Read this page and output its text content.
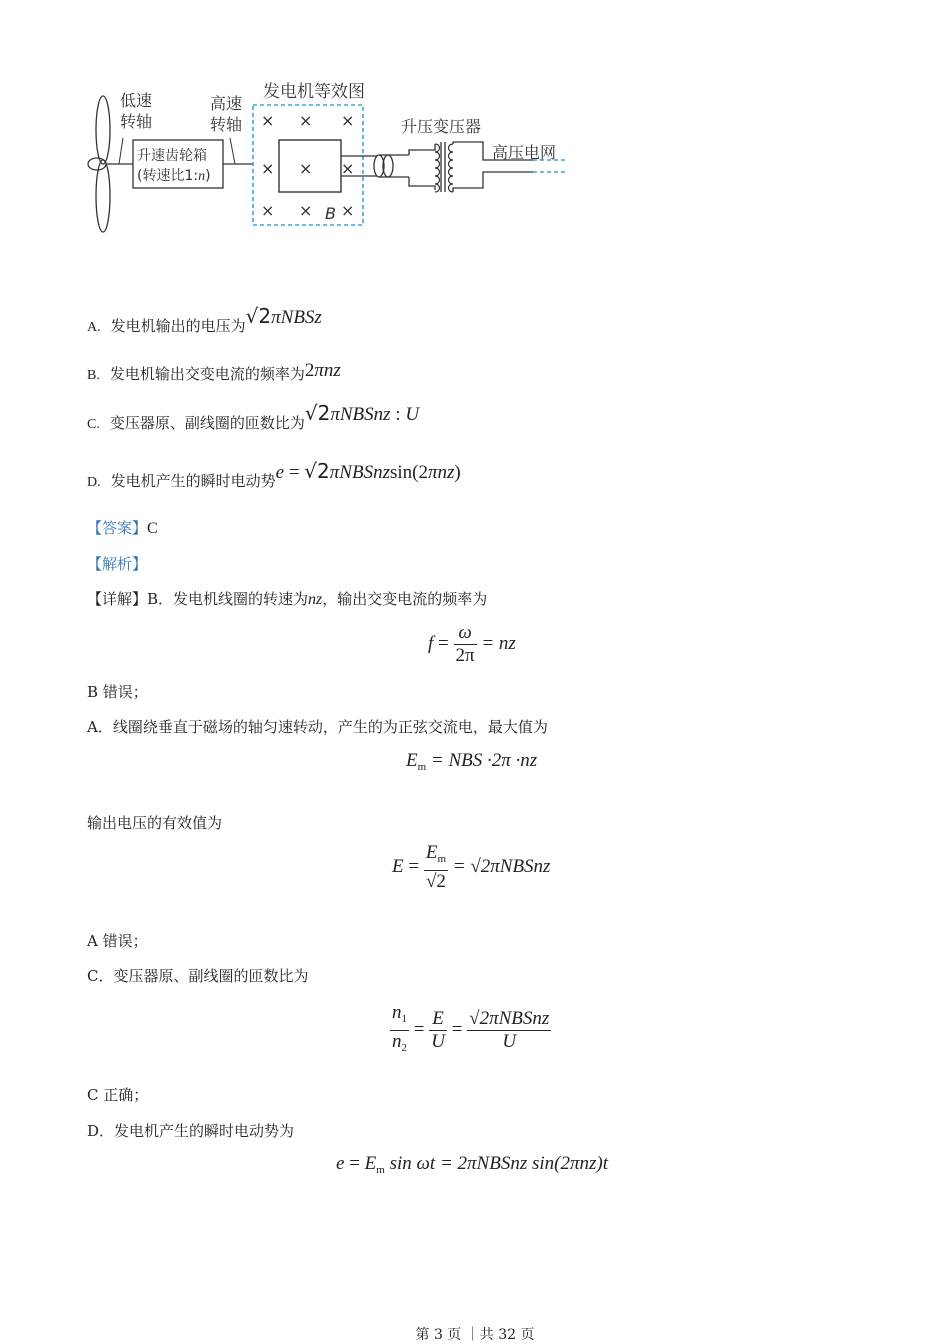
低速
转轴
升速齿轮箱
(转速比1:n)
高速
转轴
发电机等效图
× × ×
× × ×
× × ×
B
升压变压器
高压电网
A. 发电机输出的电压为√2πNBSz
B. 发电机输出交变电流的频率为2πnz
C. 变压器原、副线圈的匝数比为√2πNBSnz : U
D. 发电机产生的瞬时电动势e = √2πNBSnzsin(2πnz)
【答案】C
【解析】
【详解】B．发电机线圈的转速为nz，输出交变电流的频率为
$f = \frac{\omega}{2\pi}$ = nz
B 错误；
A．线圈绕垂直于磁场的轴匀速转动，产生的为正弦交流电，最大值为
$E_m$ = NBS ·2π ·nz
输出电压的有效值为
$E = \frac{E_m}{√2}$ = √2πNBSnz
A 错误；
C．变压器原、副线圈的匝数比为
$\frac{n_1}{n_2} = \frac{E}{U} = \frac{\text{√2πNBSnz}}{U}$
C 正确；
D．发电机产生的瞬时电动势为
$e = E_m$ sin ωt = 2πNBSnz sin(2πnz)t
第 3 页 ｜共 32 页
